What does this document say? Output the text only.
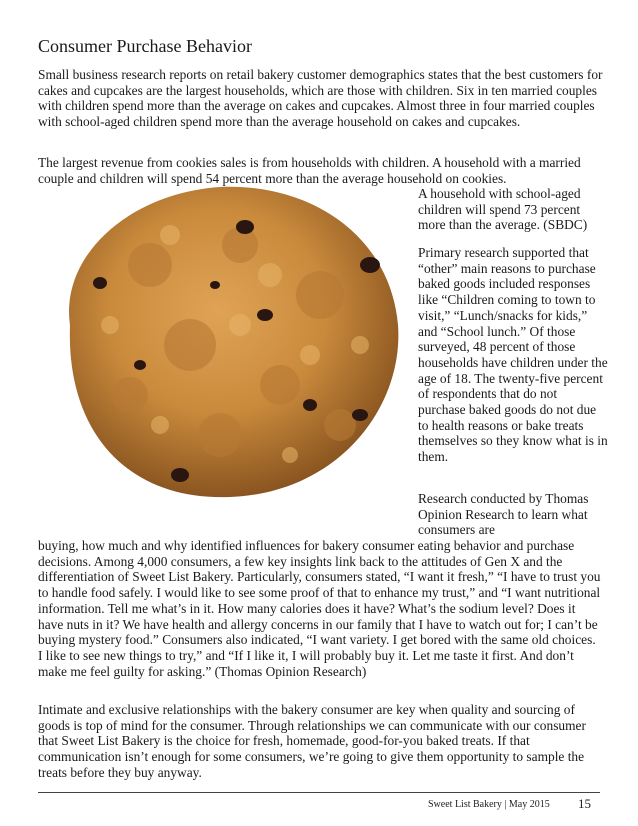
Consumer Purchase Behavior

Small business research reports on retail bakery customer demographics states that the best customers for cakes and cupcakes are the largest households, which are those with children. Six in ten married couples with children spend more than the average on cakes and cupcakes. Almost three in four married couples with school-aged children spend more than the average household on cakes and cupcakes.

The largest revenue from cookies sales is from households with children. A household with a married couple and children will spend 54 percent more than the average household on cookies.

A household with school-aged children will spend 73 percent more than the average. (SBDC)
Primary research supported that “other” main reasons to purchase baked goods included responses like “Children coming to town to visit,” “Lunch/snacks for kids,” and “School lunch.” Of those surveyed, 48 percent of those households have children under the age of 18. The twenty-five percent of respondents that do not purchase baked goods do not due to health reasons or bake treats themselves so they know what is in them.
Research conducted by Thomas Opinion Research to learn what consumers are

buying, how much and why identified influences for bakery consumer eating behavior and purchase decisions. Among 4,000 consumers, a few key insights link back to the attitudes of Gen X and the differentiation of Sweet List Bakery. Particularly, consumers stated, “I want it fresh,” “I have to trust you to handle food safely. I would like to see some proof of that to enhance my trust,” and “I want nutritional information. Tell me what’s in it. How many calories does it have? What’s the sodium level? Does it have nuts in it? We have health and allergy concerns in our family that I have to watch out for; I can’t be buying mystery food.” Consumers also indicated, “I want variety. I get bored with the same old choices. I like to see new things to try,” and “If I like it, I will probably buy it. Let me taste it first. And don’t make me feel guilty for asking.” (Thomas Opinion Research)

Intimate and exclusive relationships with the bakery consumer are key when quality and sourcing of goods is top of mind for the consumer. Through relationships we can communicate with our consumer that Sweet List Bakery is the choice for fresh, homemade, good-for-you baked treats. If that communication isn’t enough for some consumers, we’re going to give them opportunity to sample the treats before they buy anyway.

Sweet List Bakery | May 2015 15
